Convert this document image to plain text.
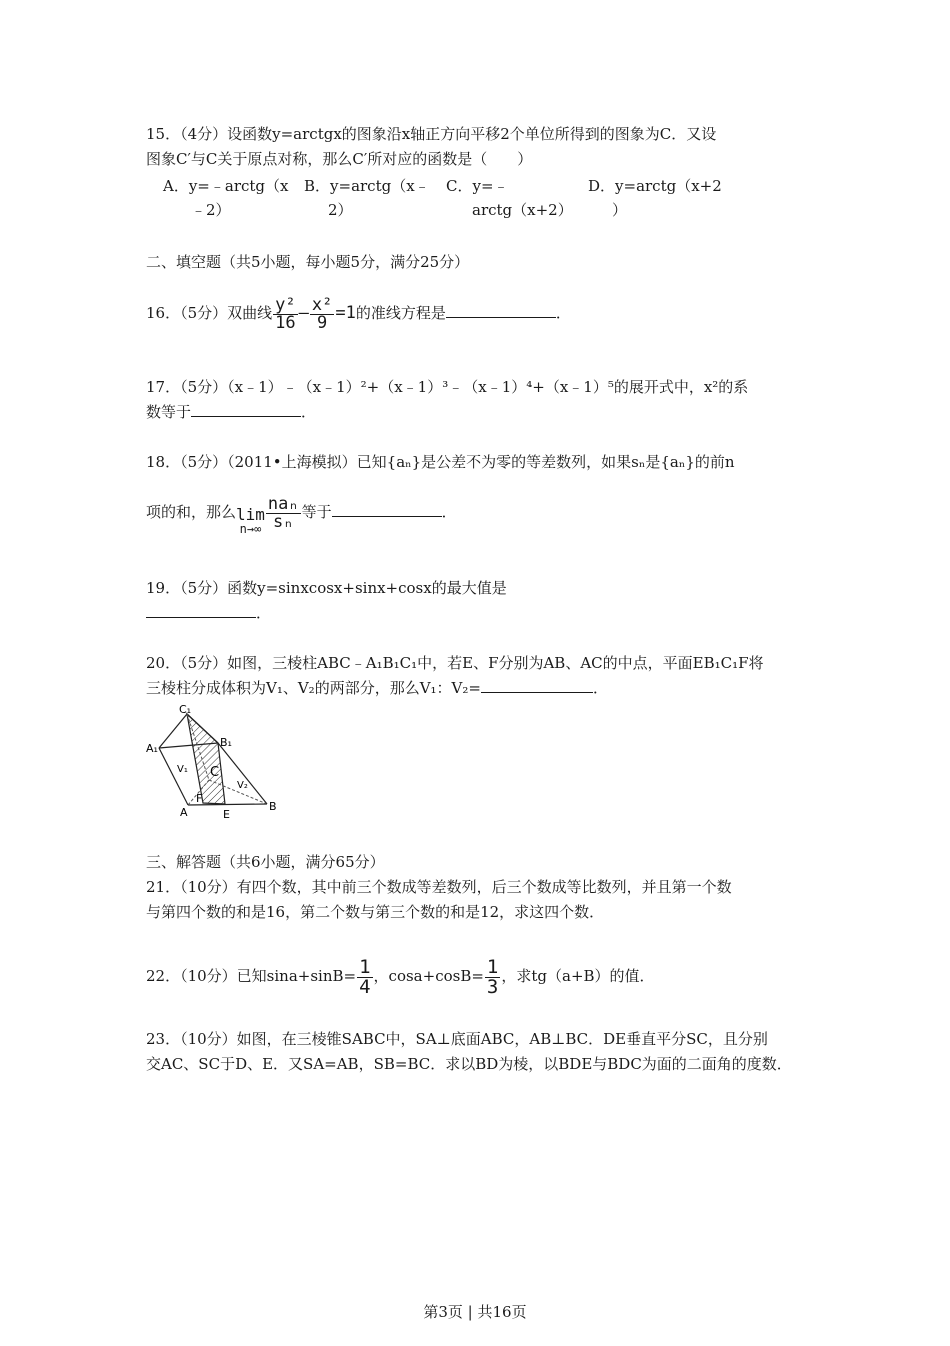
15．（4分）设函数y=arctgx的图象沿x轴正方向平移2个单位所得到的图象为C．又设
图象C′与C关于原点对称，那么C′所对应的函数是（　　）
A．y=﹣arctg（x
﹣2）
B．y=arctg（x﹣
2）
C．y=﹣
arctg（x+2）
D．y=arctg（x+2
）
二、填空题（共5小题，每小题5分，满分25分）
16．（5分）双曲线 $\frac{\text{y²}}{16} - \frac{\text{x²}}{9} =1$的准线方程是	．
17．（5分）（x﹣1）﹣（x﹣1）²+（x﹣1）³﹣（x﹣1）⁴+（x﹣1）⁵的展开式中，x²的系
数等于	．
18．（5分）（2011•上海模拟）已知{aₙ}是公差不为零的等差数列，如果sₙ是{aₙ}的前n
项的和，那么 lim
$n\to\infty \frac{\text{naₙ}}{\text{sₙ}}$ 等于	．
19．（5分）函数y=sinxcosx+sinx+cosx的最大值是
．
20．（5分）如图，三棱柱ABC﹣A₁B₁C₁中，若E、F分别为AB、AC的中点，平面EB₁C₁F将
三棱柱分成体积为V₁、V₂的两部分，那么V₁：V₂=	．
C₁
A₁	B₁
V₁ C
V₂
F
A	E
B
三、解答题（共6小题，满分65分）
21．（10分）有四个数，其中前三个数成等差数列，后三个数成等比数列，并且第一个数
与第四个数的和是16，第二个数与第三个数的和是12，求这四个数．
22．（10分）已知$\sin a+\sin B= \frac{1}{4}$ ，$\cos a+\cos B= \frac{1}{3}$ ，求tg（a+B）的值．
23．（10分）如图，在三棱锥SABC中，SA⊥底面ABC，AB⊥BC．DE垂直平分SC，且分别
交AC、SC于D、E．又SA=AB，SB=BC．求以BD为棱，以BDE与BDC为面的二面角的度数．
第3页 | 共16页
